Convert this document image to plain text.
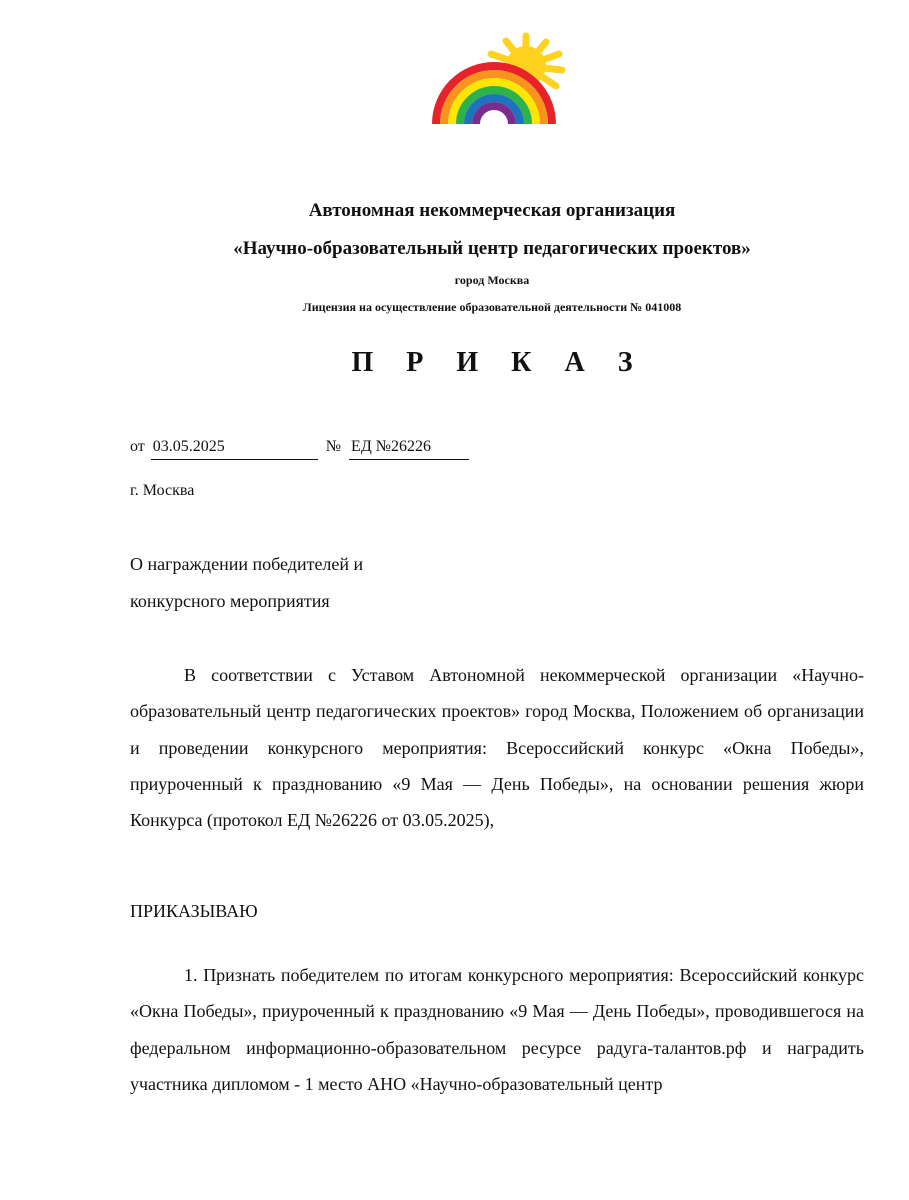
Автономная некоммерческая организация
«Научно-образовательный центр педагогических проектов»
город Москва
Лицензия на осуществление образовательной деятельности № 041008
П Р И К А З
от 03.05.2025	№ ЕД №26226
г. Москва
О награждении победителей и
конкурсного мероприятия

В соответствии с Уставом Автономной некоммерческой организации «Научно-образовательный центр педагогических проектов» город Москва, Положением об организации и проведении конкурсного мероприятия: Всероссийский конкурс «Окна Победы», приуроченный к празднованию «9 Мая — День Победы», на основании решения жюри Конкурса (протокол ЕД №26226 от 03.05.2025),

ПРИКАЗЫВАЮ

1. Признать победителем по итогам конкурсного мероприятия: Всероссийский конкурс «Окна Победы», приуроченный к празднованию «9 Мая — День Победы», проводившегося на федеральном информационно-образовательном ресурсе радуга-талантов.рф и наградить участника дипломом - 1 место АНО «Научно-образовательный центр
